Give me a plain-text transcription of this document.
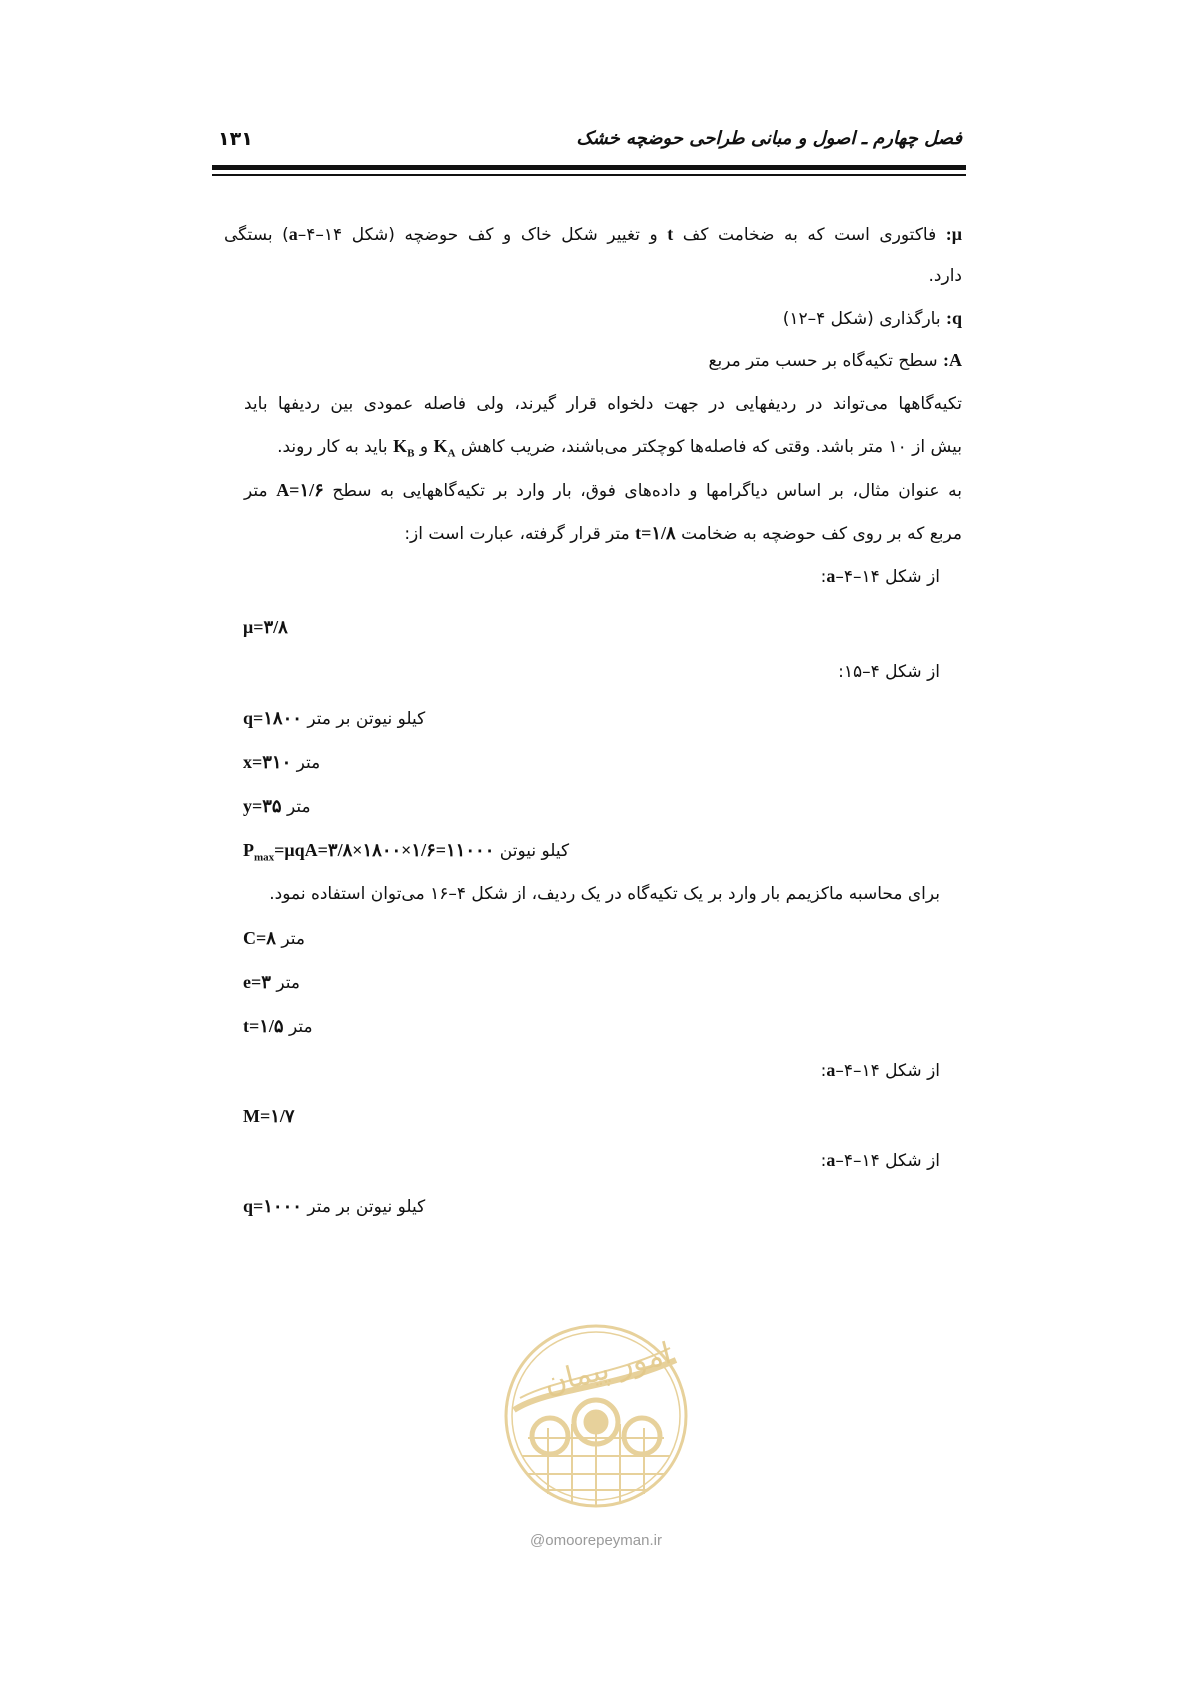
فصل چهارم ـ اصول و مبانی طراحی حوضچه خشک
۱۳۱
μ: فاکتوری است که به ضخامت کف t و تغییر شکل خاک و کف حوضچه (شکل a–۴–۱۴) بستگی
دارد.
q: بارگذاری (شکل ۴–۱۲)
A: سطح تکیه‌گاه بر حسب متر مربع
تکیه‌گاهها می‌تواند در ردیفهایی در جهت دلخواه قرار گیرند، ولی فاصله عمودی بین ردیفها باید
بیش از ۱۰ متر باشد. وقتی که فاصله‌ها کوچکتر می‌باشند، ضریب کاهش $K_A$ و $K_B$ باید به کار روند.
به عنوان مثال، بر اساس دیاگرامها و داده‌های فوق، بار وارد بر تکیه‌گاههایی به سطح A=۱/۶ متر
مربع که بر روی کف حوضچه به ضخامت t=۱/۸ متر قرار گرفته، عبارت است از:
از شکل a–۴–۱۴:
μ=۳/۸
از شکل ۴–۱۵:
q=۱۸۰۰ کیلو نیوتن بر متر
x=۳۱۰ متر
y=۳۵ متر
$P_{max}=\mu qA=۳/۸\times ۱۸۰۰\times ۱/۶=۱۱۰۰۰$ کیلو نیوتن
برای محاسبه ماکزیمم بار وارد بر یک تکیه‌گاه در یک ردیف، از شکل ۴–۱۶ می‌توان استفاده نمود.
C=۸ متر
e=۳ متر
t=۱/۵ متر
از شکل a–۴–۱۴:
M=۱/۷
از شکل a–۴–۱۴:
q=۱۰۰۰ کیلو نیوتن بر متر
امور پیمان
@omoorepeyman.ir
